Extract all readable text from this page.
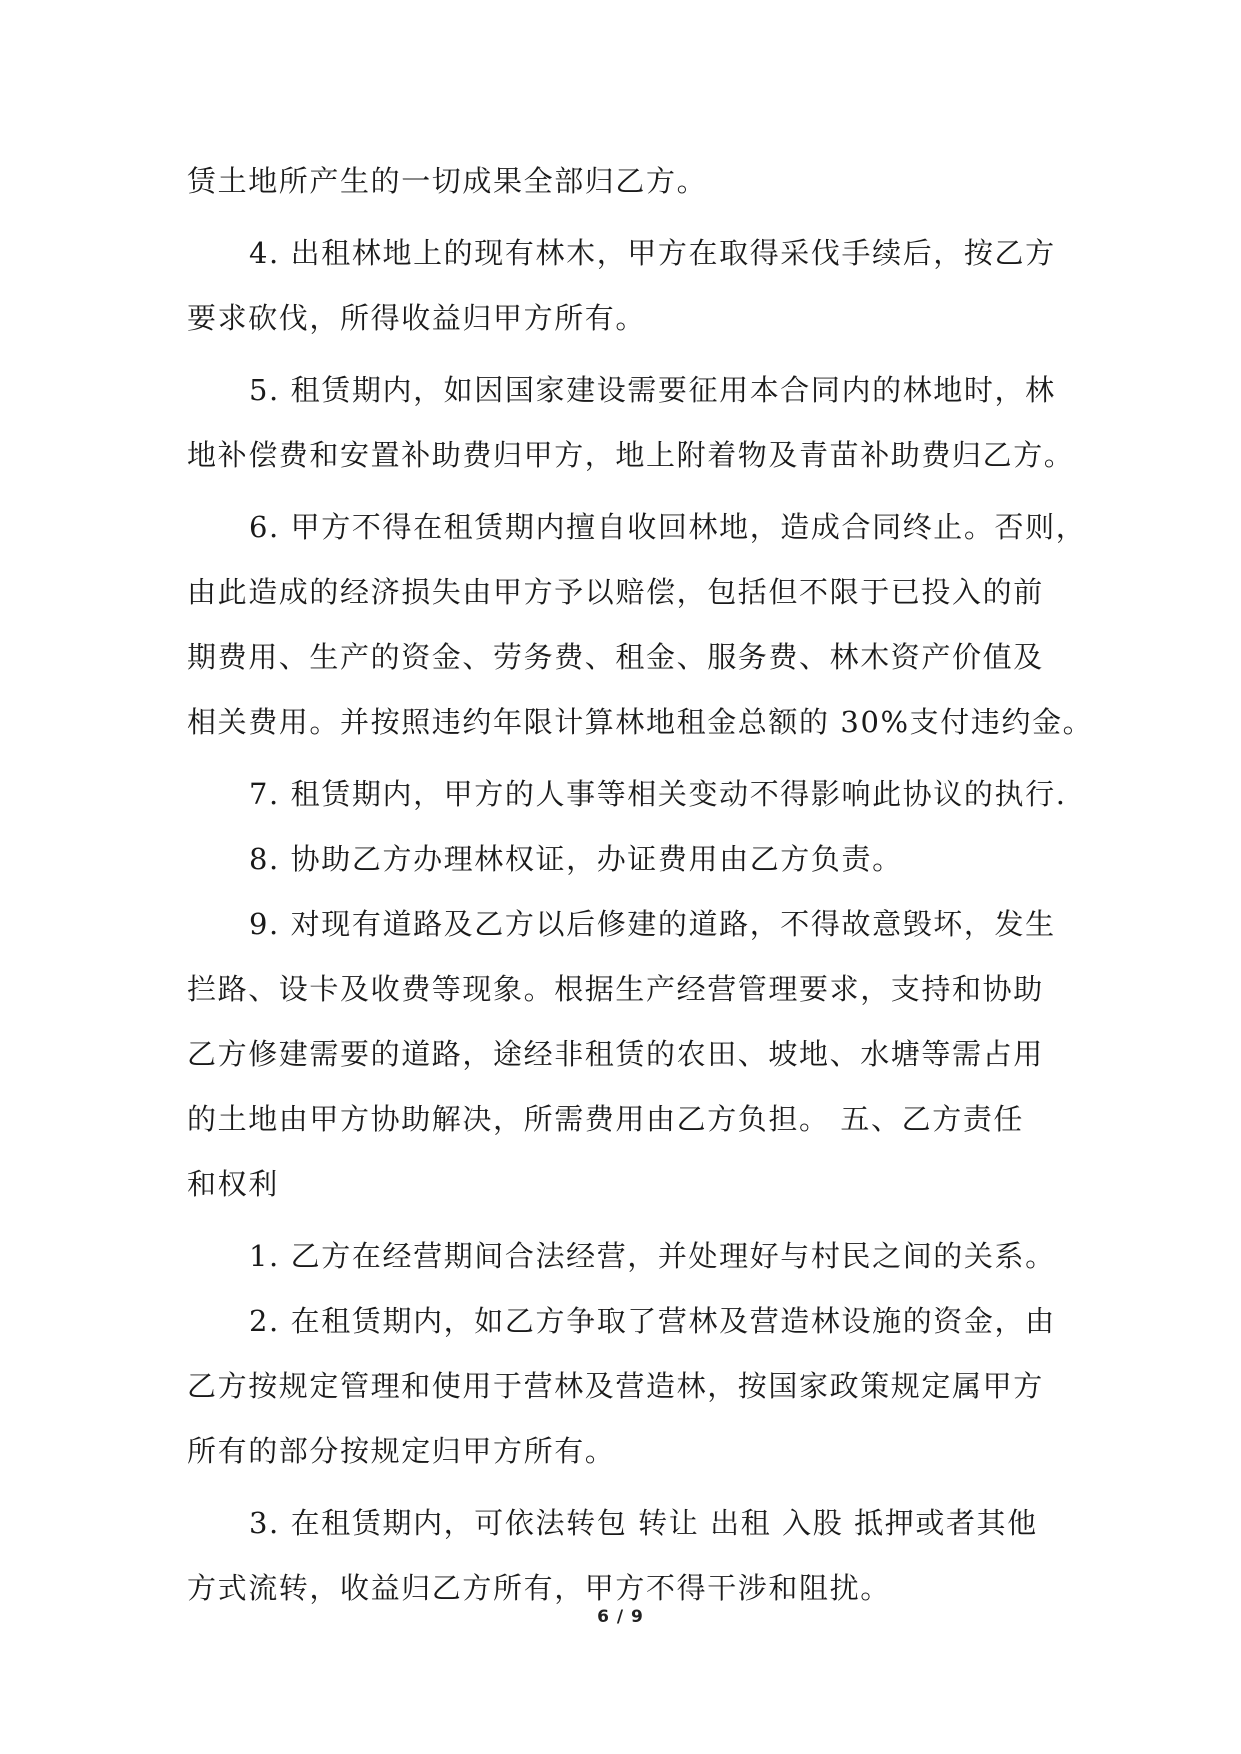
赁土地所产生的一切成果全部归乙方。
4. 出租林地上的现有林木，甲方在取得采伐手续后，按乙方
要求砍伐，所得收益归甲方所有。
5. 租赁期内，如因国家建设需要征用本合同内的林地时，林
地补偿费和安置补助费归甲方，地上附着物及青苗补助费归乙方。
6. 甲方不得在租赁期内擅自收回林地，造成合同终止。否则，
由此造成的经济损失由甲方予以赔偿，包括但不限于已投入的前
期费用、生产的资金、劳务费、租金、服务费、林木资产价值及
相关费用。并按照违约年限计算林地租金总额的 30%支付违约金。
7. 租赁期内，甲方的人事等相关变动不得影响此协议的执行.
8. 协助乙方办理林权证，办证费用由乙方负责。
9. 对现有道路及乙方以后修建的道路，不得故意毁坏，发生
拦路、设卡及收费等现象。根据生产经营管理要求，支持和协助
乙方修建需要的道路，途经非租赁的农田、坡地、水塘等需占用
的土地由甲方协助解决，所需费用由乙方负担。 五、乙方责任
和权利
1. 乙方在经营期间合法经营，并处理好与村民之间的关系。
2. 在租赁期内，如乙方争取了营林及营造林设施的资金，由
乙方按规定管理和使用于营林及营造林，按国家政策规定属甲方
所有的部分按规定归甲方所有。
3. 在租赁期内，可依法转包 转让 出租 入股 抵押或者其他
方式流转，收益归乙方所有，甲方不得干涉和阻扰。
6 / 9
